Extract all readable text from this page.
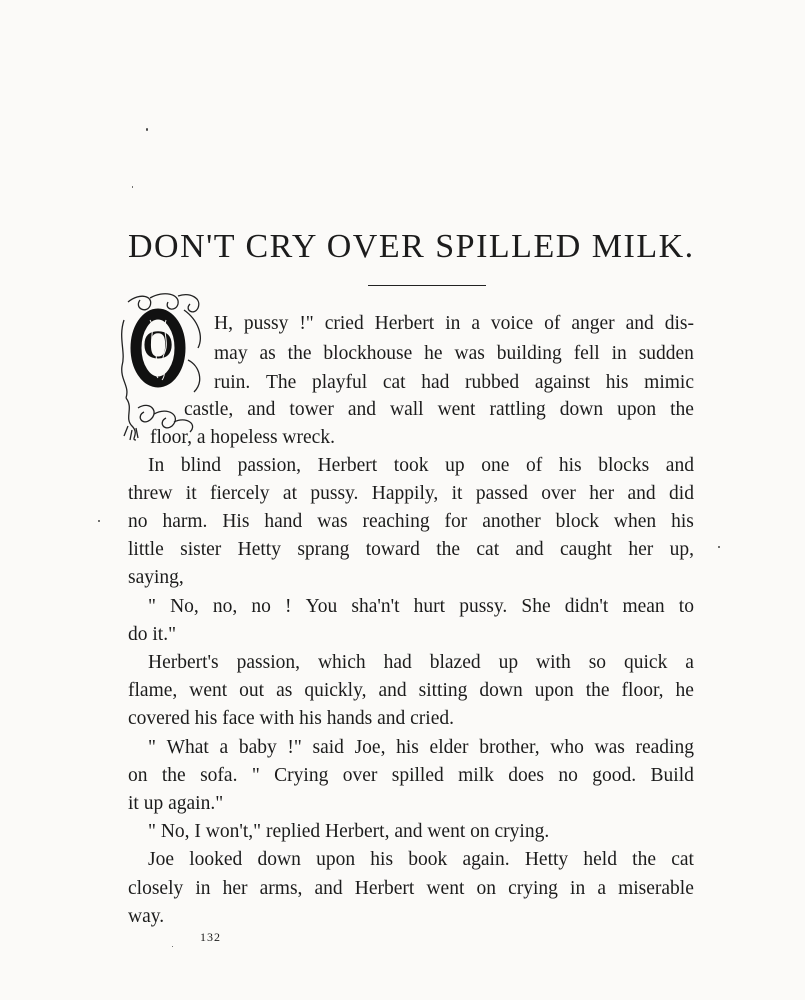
DON'T CRY OVER SPILLED MILK.
O H, pussy !" cried Herbert in a voice of anger and dis-
may as the blockhouse he was building fell in sudden
ruin. The playful cat had rubbed against his mimic
castle, and tower and wall went rattling down upon the
floor, a hopeless wreck.
In blind passion, Herbert took up one of his blocks and
threw it fiercely at pussy. Happily, it passed over her and did
no harm. His hand was reaching for another block when his
little sister Hetty sprang toward the cat and caught her up,
saying,
" No, no, no ! You sha'n't hurt pussy. She didn't mean to
do it."
Herbert's passion, which had blazed up with so quick a
flame, went out as quickly, and sitting down upon the floor, he
covered his face with his hands and cried.
" What a baby !" said Joe, his elder brother, who was reading
on the sofa. " Crying over spilled milk does no good. Build
it up again."
" No, I won't," replied Herbert, and went on crying.
Joe looked down upon his book again. Hetty held the cat
closely in her arms, and Herbert went on crying in a miserable
way.
132
